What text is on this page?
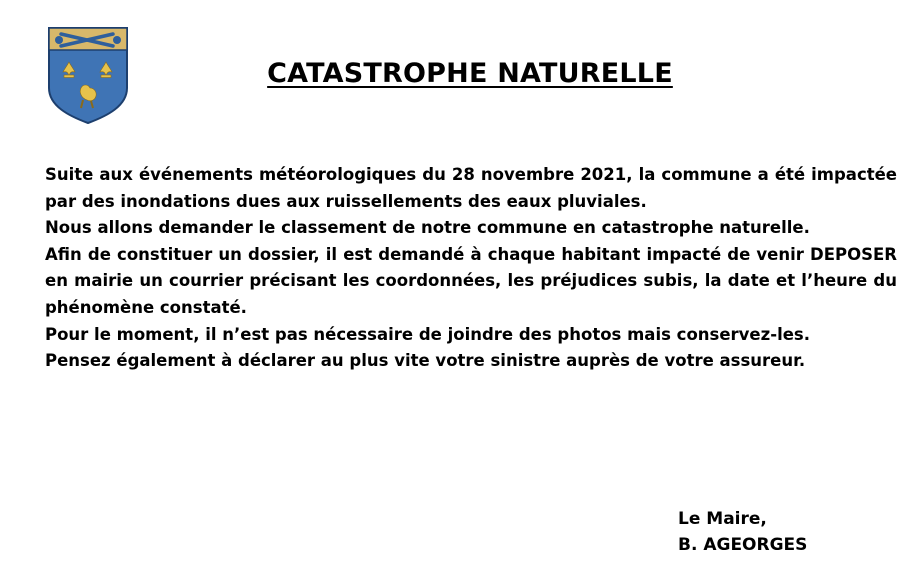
CATASTROPHE NATURELLE

Suite aux événements météorologiques du 28 novembre 2021, la commune a été impactée par des inondations dues aux ruissellements des eaux pluviales.

Nous allons demander le classement de notre commune en catastrophe naturelle.

Afin de constituer un dossier, il est demandé à chaque habitant impacté de venir DEPOSER en mairie un courrier précisant les coordonnées, les préjudices subis, la date et l’heure du phénomène constaté.

Pour le moment, il n’est pas nécessaire de joindre des photos mais conservez-les.

Pensez également à déclarer au plus vite votre sinistre auprès de votre assureur.

Le Maire,
B. AGEORGES
